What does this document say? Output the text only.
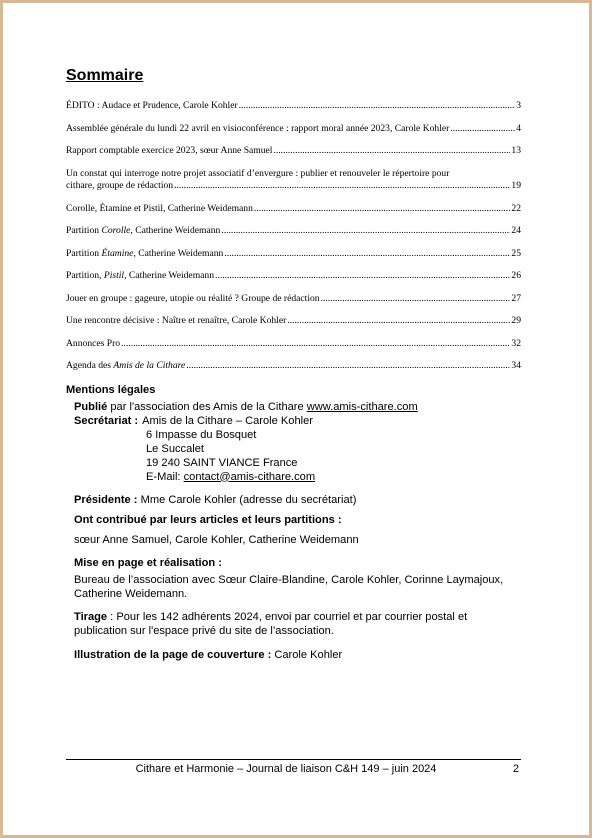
Sommaire
ÉDITO : Audace et Prudence, Carole Kohler .....	3
Assemblée générale du lundi 22 avril en visioconférence : rapport moral année 2023, Carole Kohler .....	4
Rapport comptable exercice 2023, sœur Anne Samuel .....	13
Un constat qui interroge notre projet associatif d’envergure : publier et renouveler le répertoire pour
cithare, groupe de rédaction .....	19
Corolle, Étamine et Pistil, Catherine Weidemann .....	22
Partition Corolle, Catherine Weidemann .....	24
Partition Étamine, Catherine Weidemann .....	25
Partition, Pistil, Catherine Weidemann .....	26
Jouer en groupe : gageure, utopie ou réalité ? Groupe de rédaction .....	27
Une rencontre décisive : Naître et renaître, Carole Kohler .....	29
Annonces Pro .....	32
Agenda des Amis de la Cithare .....	34
Mentions légales
Publié par l'association des Amis de la Cithare www.amis-cithare.com
Secrétariat : Amis de la Cithare – Carole Kohler
6 Impasse du Bosquet
Le Succalet
19 240 SAINT VIANCE France
E-Mail: contact@amis-cithare.com
Présidente : Mme Carole Kohler (adresse du secrétariat)
Ont contribué par leurs articles et leurs partitions :
sœur Anne Samuel, Carole Kohler, Catherine Weidemann
Mise en page et réalisation :
Bureau de l’association avec Sœur Claire-Blandine, Carole Kohler, Corinne Laymajoux, Catherine Weidemann.
Tirage : Pour les 142 adhérents 2024, envoi par courriel et par courrier postal et publication sur l'espace privé du site de l’association.
Illustration de la page de couverture : Carole Kohler
Cithare et Harmonie – Journal de liaison C&H 149 – juin 2024	2
